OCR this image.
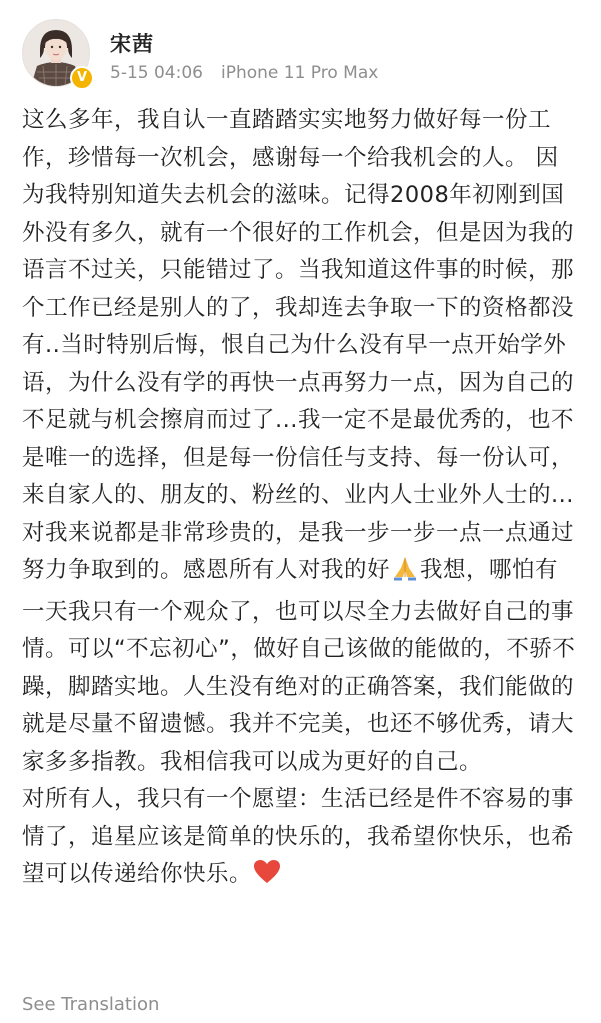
V
宋茜
5-15 04:06 iPhone 11 Pro Max

这么多年，我自认一直踏踏实实地努力做好每一份工作，珍惜每一次机会，感谢每一个给我机会的人。 因为我特别知道失去机会的滋味。记得2008年初刚到国外没有多久，就有一个很好的工作机会，但是因为我的语言不过关，只能错过了。当我知道这件事的时候，那个工作已经是别人的了，我却连去争取一下的资格都没有..当时特别后悔，恨自己为什么没有早一点开始学外语，为什么没有学的再快一点再努力一点，因为自己的不足就与机会擦肩而过了...我一定不是最优秀的，也不是唯一的选择，但是每一份信任与支持、每一份认可，来自家人的、朋友的、粉丝的、业内人士业外人士的...对我来说都是非常珍贵的，是我一步一步一点一点通过努力争取到的。感恩所有人对我的好 我想，哪怕有一天我只有一个观众了，也可以尽全力去做好自己的事情。可以“不忘初心”，做好自己该做的能做的，不骄不躁，脚踏实地。人生没有绝对的正确答案，我们能做的就是尽量不留遗憾。我并不完美，也还不够优秀，请大家多多指教。我相信我可以成为更好的自己。

对所有人，我只有一个愿望：生活已经是件不容易的事情了，追星应该是简单的快乐的，我希望你快乐，也希望可以传递给你快乐。

See Translation
